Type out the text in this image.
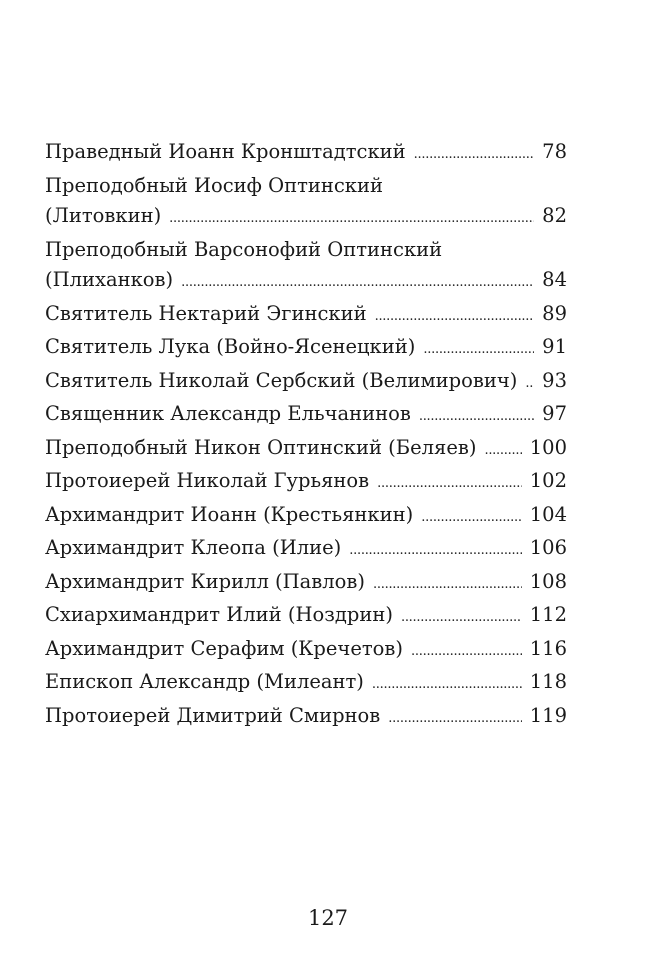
Праведный Иоанн Кронштадтский . . .	78
Преподобный Иосиф Оптинский
(Литовкин) . . .	82
Преподобный Варсонофий Оптинский
(Плиханков) . . .	84
Святитель Нектарий Эгинский . . .	89
Святитель Лука (Войно-Ясенецкий) . . .	91
Святитель Николай Сербский (Велимирович) . . . 93
Священник Александр Ельчанинов . . .	97
Преподобный Никон Оптинский (Беляев) . . .	100
Протоиерей Николай Гурьянов . . .	102
Архимандрит Иоанн (Крестьянкин) . . .	104
Архимандрит Клеопа (Илие) . . .	106
Архимандрит Кирилл (Павлов) . . .	108
Схиархимандрит Илий (Ноздрин) . . .	112
Архимандрит Серафим (Кречетов) . . .	116
Епископ Александр (Милеант) . . .	118
Протоиерей Димитрий Смирнов . . .	119
127
